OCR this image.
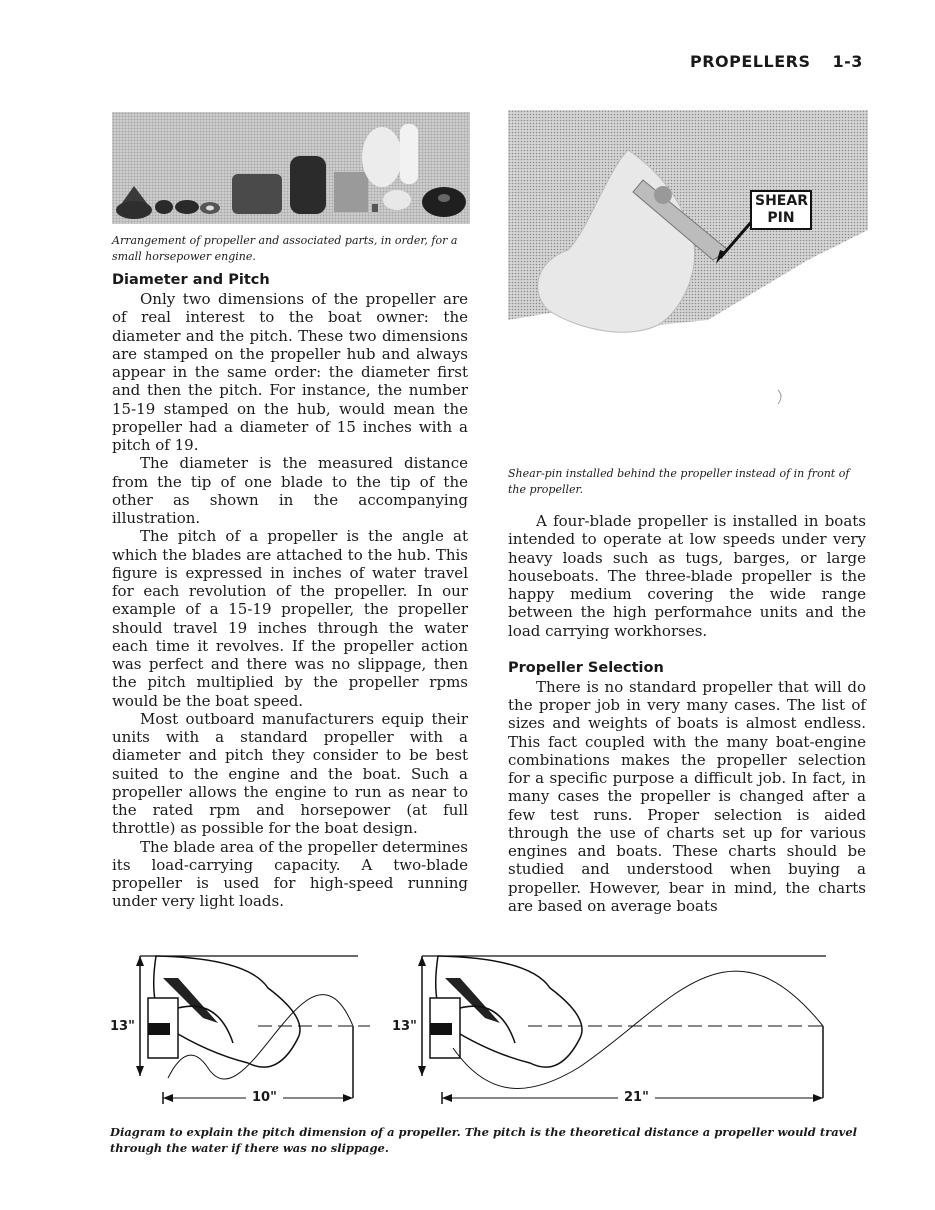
PROPELLERS 1-3
Arrangement of propeller and associated parts, in order, for a small horsepower engine.
Diameter and Pitch

Only two dimensions of the propeller are of real interest to the boat owner: the diameter and the pitch. These two dimensions are stamped on the propeller hub and always appear in the same order: the diameter first and then the pitch. For instance, the number 15-19 stamped on the hub, would mean the propeller had a diameter of 15 inches with a pitch of 19.

The diameter is the measured distance from the tip of one blade to the tip of the other as shown in the accompanying illustration.

The pitch of a propeller is the angle at which the blades are attached to the hub. This figure is expressed in inches of water travel for each revolution of the propeller. In our example of a 15-19 propeller, the propeller should travel 19 inches through the water each time it revolves. If the propeller action was perfect and there was no slippage, then the pitch multiplied by the propeller rpms would be the boat speed.

Most outboard manufacturers equip their units with a standard propeller with a diameter and pitch they consider to be best suited to the engine and the boat. Such a propeller allows the engine to run as near to the rated rpm and horsepower (at full throttle) as possible for the boat design.

The blade area of the propeller determines its load-carrying capacity. A two-blade propeller is used for high-speed running under very light loads.

SHEAR
PIN
Shear-pin installed behind the propeller instead of in front of the propeller.

A four-blade propeller is installed in boats intended to operate at low speeds under very heavy loads such as tugs, barges, or large houseboats. The three-blade propeller is the happy medium covering the wide range between the high performahce units and the load carrying workhorses.

Propeller Selection

There is no standard propeller that will do the proper job in very many cases. The list of sizes and weights of boats is almost endless. This fact coupled with the many boat-engine combinations makes the propeller selection for a specific purpose a difficult job. In fact, in many cases the propeller is changed after a few test runs. Proper selection is aided through the use of charts set up for various engines and boats. These charts should be studied and understood when buying a propeller. However, bear in mind, the charts are based on average boats

13"
10"
13"
21"
Diagram to explain the pitch dimension of a propeller. The pitch is the theoretical distance a propeller would travel through the water if there was no slippage.
